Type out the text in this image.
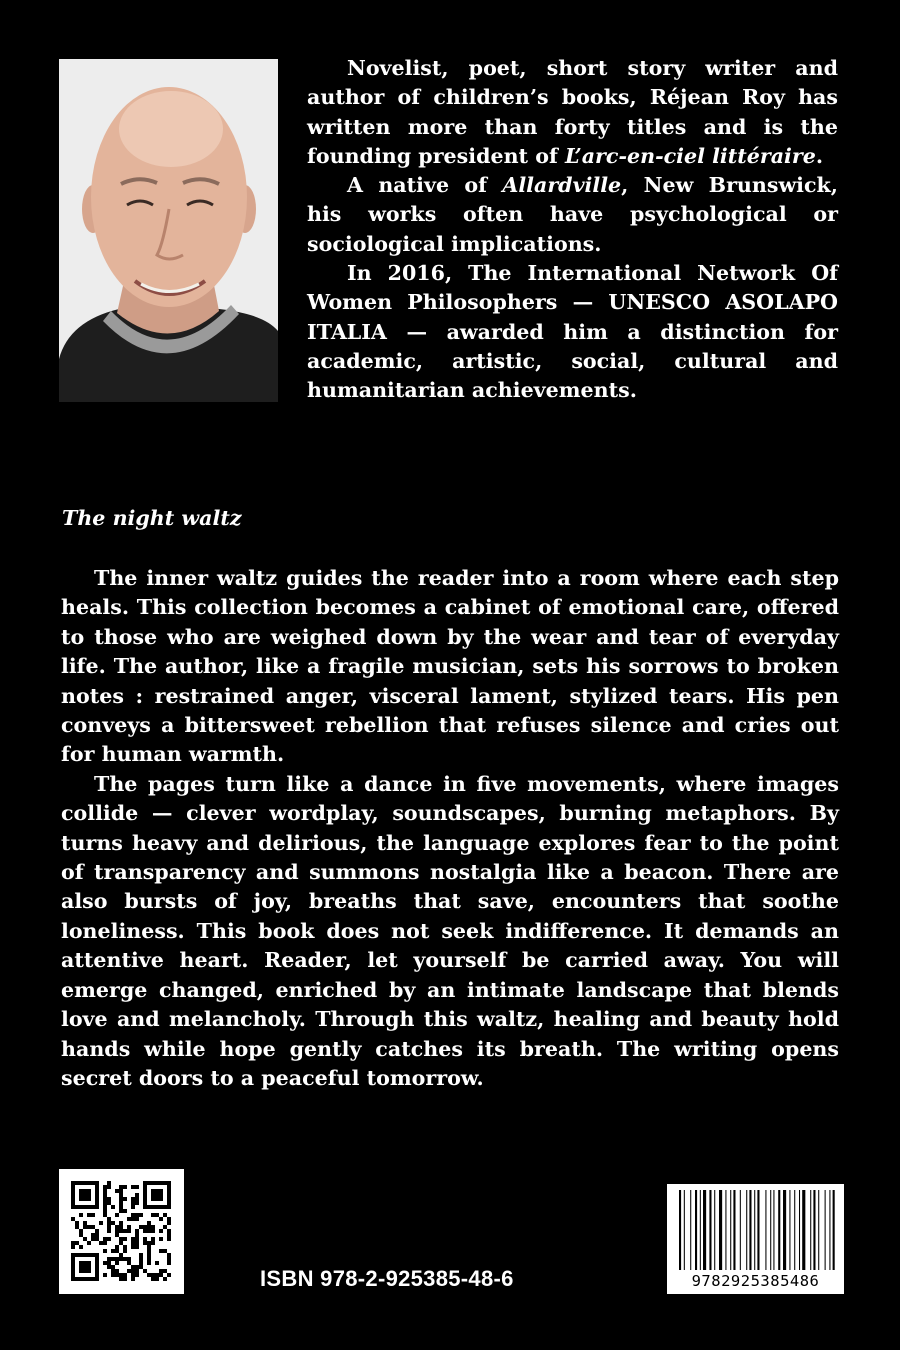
Novelist, poet, short story writer and author of children’s books, Réjean Roy has written more than forty titles and is the founding president of L’arc-en-ciel littéraire.

A native of Allardville, New Brunswick, his works often have psychological or sociological implications.

In 2016, The International Network Of Women Philosophers — UNESCO ASOLAPO ITALIA — awarded him a distinction for academic, artistic, social, cultural and humanitarian achievements.

The night waltz

The inner waltz guides the reader into a room where each step heals. This collection becomes a cabinet of emotional care, offered to those who are weighed down by the wear and tear of everyday life. The author, like a fragile musician, sets his sorrows to broken notes : restrained anger, visceral lament, stylized tears. His pen conveys a bittersweet rebellion that refuses silence and cries out for human warmth.

The pages turn like a dance in five movements, where images collide — clever wordplay, soundscapes, burning metaphors. By turns heavy and delirious, the language explores fear to the point of transparency and summons nostalgia like a beacon. There are also bursts of joy, breaths that save, encounters that soothe loneliness. This book does not seek indifference. It demands an attentive heart. Reader, let yourself be carried away. You will emerge changed, enriched by an intimate landscape that blends love and melancholy. Through this waltz, healing and beauty hold hands while hope gently catches its breath. The writing opens secret doors to a peaceful tomorrow.

ISBN 978-2-925385-48-6	9782925385486
